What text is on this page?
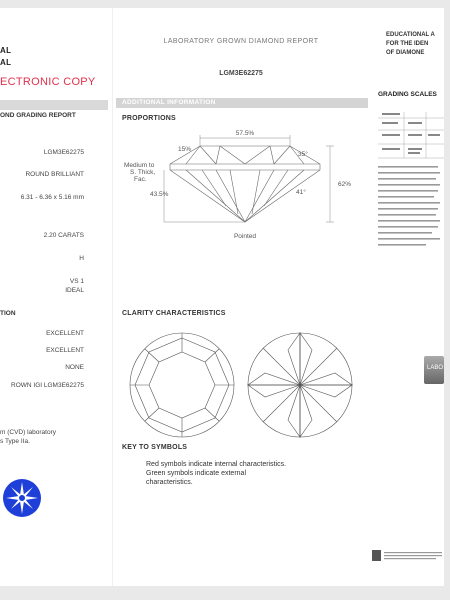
AL
AL
ECTRONIC COPY
OND GRADING REPORT
LGM3E62275
ROUND BRILLIANT
6.31 - 6.36 x 5.16 mm
2.20 CARATS
H
VS 1
IDEAL
TION
EXCELLENT
EXCELLENT
NONE
ROWN IGI LGM3E62275
m (CVD) laboratory
s Type IIa.
LABORATORY GROWN DIAMOND REPORT
LGM3E62275
ADDITIONAL INFORMATION
PROPORTIONS
15%
57.5%
35°
62%
43.5%	41°
Medium to
S. Thick,
Fac.
Pointed
CLARITY CHARACTERISTICS
KEY TO SYMBOLS
Red symbols indicate internal characteristics.
Green symbols indicate external
characteristics.
EDUCATIONAL A
FOR THE IDEN
OF DIAMONE
GRADING SCALES
LABO
